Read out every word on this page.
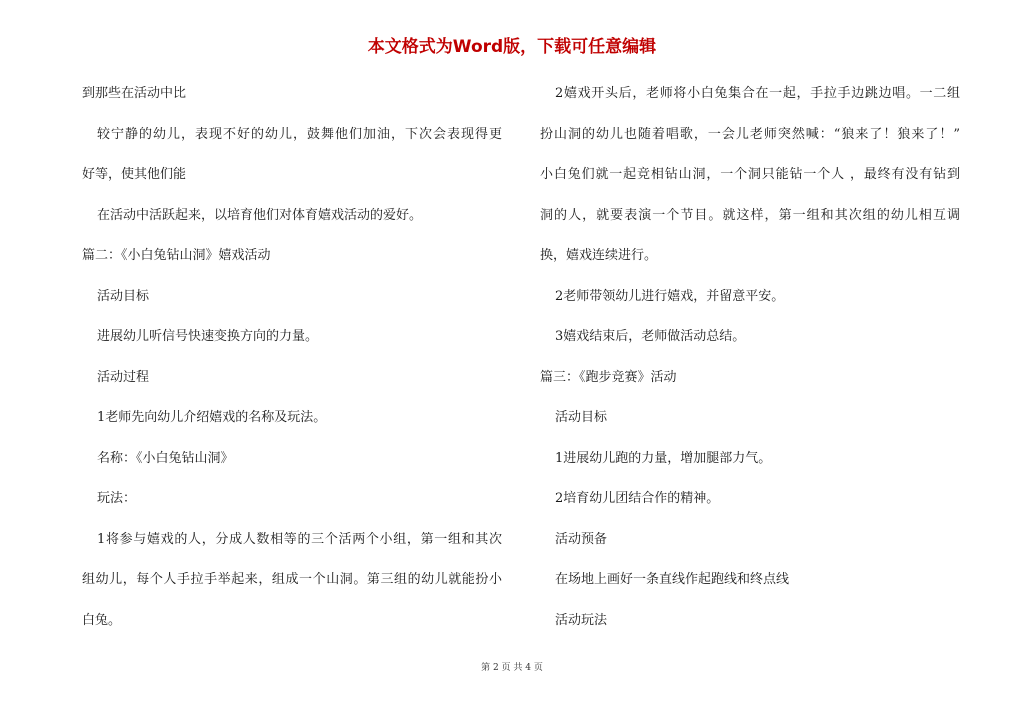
本文格式为Word版，下载可任意编辑
到那些在活动中比
较宁静的幼儿，表现不好的幼儿，鼓舞他们加油，下次会表现得更
好等，使其他们能
在活动中活跃起来，以培育他们对体育嬉戏活动的爱好。
篇二：《小白兔钻山洞》嬉戏活动
活动目标
进展幼儿听信号快速变换方向的力量。
活动过程
1老师先向幼儿介绍嬉戏的名称及玩法。
名称：《小白兔钻山洞》
玩法：
1将参与嬉戏的人，分成人数相等的三个活两个小组，第一组和其次
组幼儿，每个人手拉手举起来，组成一个山洞。第三组的幼儿就能扮小
白兔。
2嬉戏开头后，老师将小白兔集合在一起，手拉手边跳边唱。一二组
扮山洞的幼儿也随着唱歌，一会儿老师突然喊：“狼来了！狼来了！”
小白兔们就一起竞相钻山洞，一个洞只能钻一个人 ，最终有没有钻到
洞的人，就要表演一个节目。就这样，第一组和其次组的幼儿相互调
换，嬉戏连续进行。
2老师带领幼儿进行嬉戏，并留意平安。
3嬉戏结束后，老师做活动总结。
篇三：《跑步竞赛》活动
活动目标
1进展幼儿跑的力量，增加腿部力气。
2培育幼儿团结合作的精神。
活动预备
在场地上画好一条直线作起跑线和终点线
活动玩法
第 2 页 共 4 页
